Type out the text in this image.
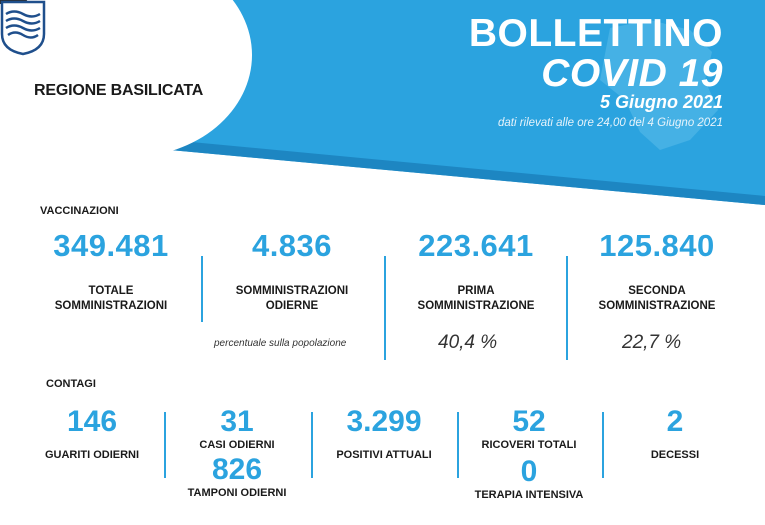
REGIONE BASILICATA
BOLLETTINO
COVID 19
5 Giugno 2021
dati rilevati alle ore 24,00 del 4 Giugno 2021
VACCINAZIONI
349.481
TOTALE
SOMMINISTRAZIONI
4.836
SOMMINISTRAZIONI
ODIERNE
percentuale sulla popolazione
223.641
PRIMA
SOMMINISTRAZIONE
40,4 %
125.840
SECONDA
SOMMINISTRAZIONE
22,7 %
CONTAGI
146
GUARITI ODIERNI
31
CASI ODIERNI
826
TAMPONI ODIERNI
3.299
POSITIVI ATTUALI
52
RICOVERI TOTALI
0
TERAPIA INTENSIVA
2
DECESSI
